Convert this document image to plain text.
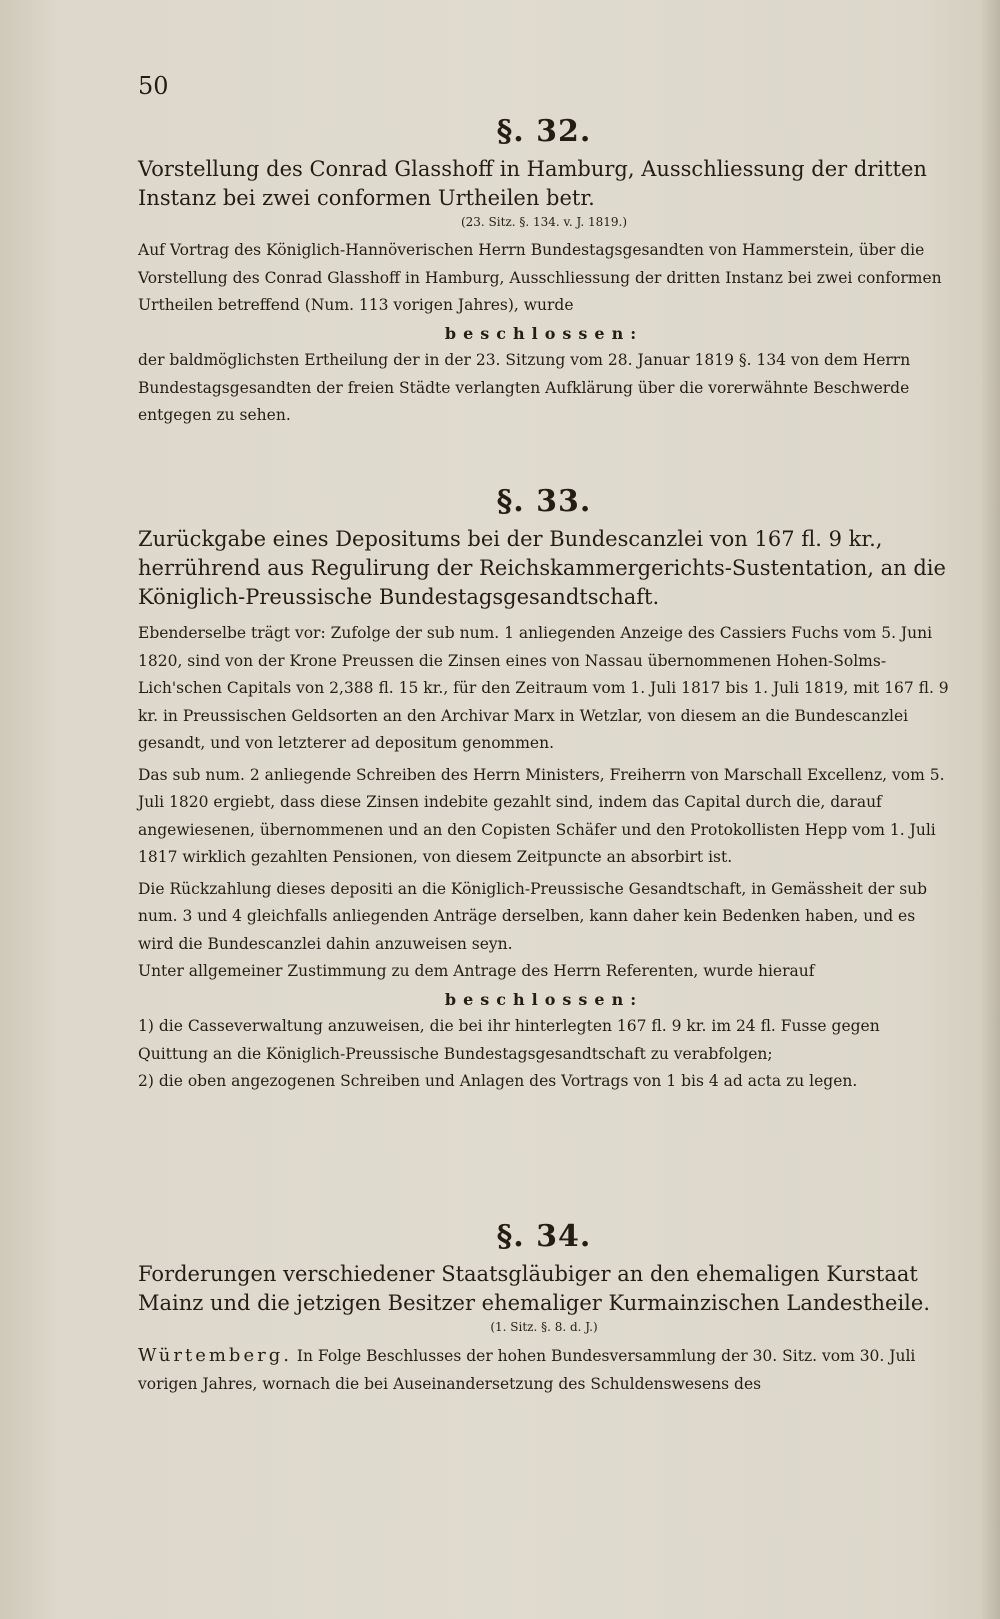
50
§. 32.
Vorstellung des Conrad Glasshoff in Hamburg, Ausschliessung der dritten Instanz bei zwei conformen Urtheilen betr.
(23. Sitz. §. 134. v. J. 1819.)

Auf Vortrag des Königlich-Hannöverischen Herrn Bundestagsgesandten von Hammerstein, über die Vorstellung des Conrad Glasshoff in Hamburg, Ausschliessung der dritten Instanz bei zwei conformen Urtheilen betreffend (Num. 113 vorigen Jahres), wurde

beschlossen:

der baldmöglichsten Ertheilung der in der 23. Sitzung vom 28. Januar 1819 §. 134 von dem Herrn Bundestagsgesandten der freien Städte verlangten Aufklärung über die vorerwähnte Beschwerde entgegen zu sehen.

§. 33.
Zurückgabe eines Depositums bei der Bundescanzlei von 167 fl. 9 kr., herrührend aus Regulirung der Reichskammergerichts-Sustentation, an die Königlich-Preussische Bundestagsgesandtschaft.

Ebenderselbe trägt vor: Zufolge der sub num. 1 anliegenden Anzeige des Cassiers Fuchs vom 5. Juni 1820, sind von der Krone Preussen die Zinsen eines von Nassau übernommenen Hohen-Solms-Lich'schen Capitals von 2,388 fl. 15 kr., für den Zeitraum vom 1. Juli 1817 bis 1. Juli 1819, mit 167 fl. 9 kr. in Preussischen Geldsorten an den Archivar Marx in Wetzlar, von diesem an die Bundescanzlei gesandt, und von letzterer ad depositum genommen.

Das sub num. 2 anliegende Schreiben des Herrn Ministers, Freiherrn von Marschall Excellenz, vom 5. Juli 1820 ergiebt, dass diese Zinsen indebite gezahlt sind, indem das Capital durch die, darauf angewiesenen, übernommenen und an den Copisten Schäfer und den Protokollisten Hepp vom 1. Juli 1817 wirklich gezahlten Pensionen, von diesem Zeitpuncte an absorbirt ist.

Die Rückzahlung dieses depositi an die Königlich-Preussische Gesandtschaft, in Gemässheit der sub num. 3 und 4 gleichfalls anliegenden Anträge derselben, kann daher kein Bedenken haben, und es wird die Bundescanzlei dahin anzuweisen seyn.

Unter allgemeiner Zustimmung zu dem Antrage des Herrn Referenten, wurde hierauf

beschlossen:

1) die Casseverwaltung anzuweisen, die bei ihr hinterlegten 167 fl. 9 kr. im 24 fl. Fusse gegen Quittung an die Königlich-Preussische Bundestagsgesandtschaft zu verabfolgen;

2) die oben angezogenen Schreiben und Anlagen des Vortrags von 1 bis 4 ad acta zu legen.

§. 34.
Forderungen verschiedener Staatsgläubiger an den ehemaligen Kurstaat Mainz und die jetzigen Besitzer ehemaliger Kurmainzischen Landestheile.
(1. Sitz. §. 8. d. J.)

Würtemberg. In Folge Beschlusses der hohen Bundesversammlung der 30. Sitz. vom 30. Juli vorigen Jahres, wornach die bei Auseinandersetzung des Schuldenswesens des
